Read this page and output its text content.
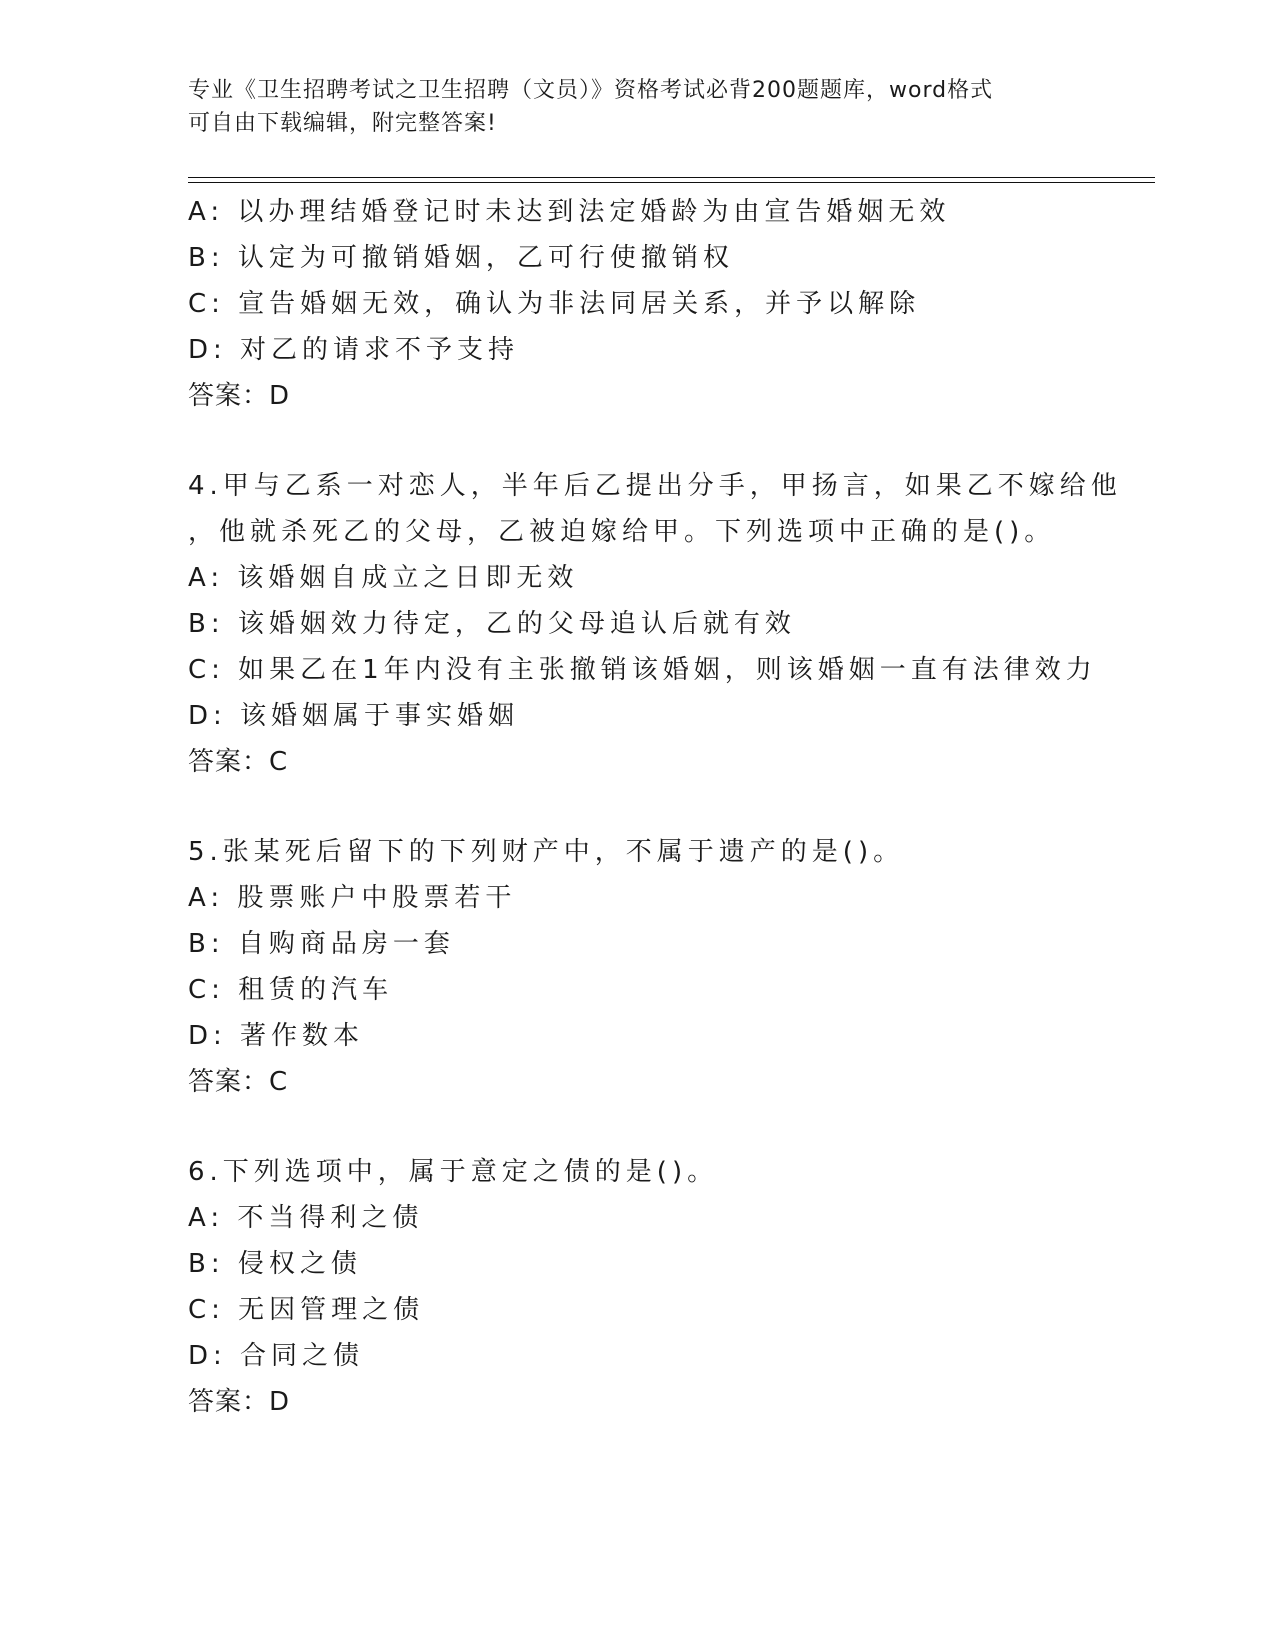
专业《卫生招聘考试之卫生招聘（文员）》资格考试必背200题题库，word格式
可自由下载编辑，附完整答案!
A: 以办理结婚登记时未达到法定婚龄为由宣告婚姻无效
B: 认定为可撤销婚姻，乙可行使撤销权
C: 宣告婚姻无效，确认为非法同居关系，并予以解除
D: 对乙的请求不予支持
答案：D
4.甲与乙系一对恋人，半年后乙提出分手，甲扬言，如果乙不嫁给他
，他就杀死乙的父母，乙被迫嫁给甲。下列选项中正确的是()。
A: 该婚姻自成立之日即无效
B: 该婚姻效力待定，乙的父母追认后就有效
C: 如果乙在1年内没有主张撤销该婚姻，则该婚姻一直有法律效力
D: 该婚姻属于事实婚姻
答案：C
5.张某死后留下的下列财产中，不属于遗产的是()。
A: 股票账户中股票若干
B: 自购商品房一套
C: 租赁的汽车
D: 著作数本
答案：C
6.下列选项中，属于意定之债的是()。
A: 不当得利之债
B: 侵权之债
C: 无因管理之债
D: 合同之债
答案：D
